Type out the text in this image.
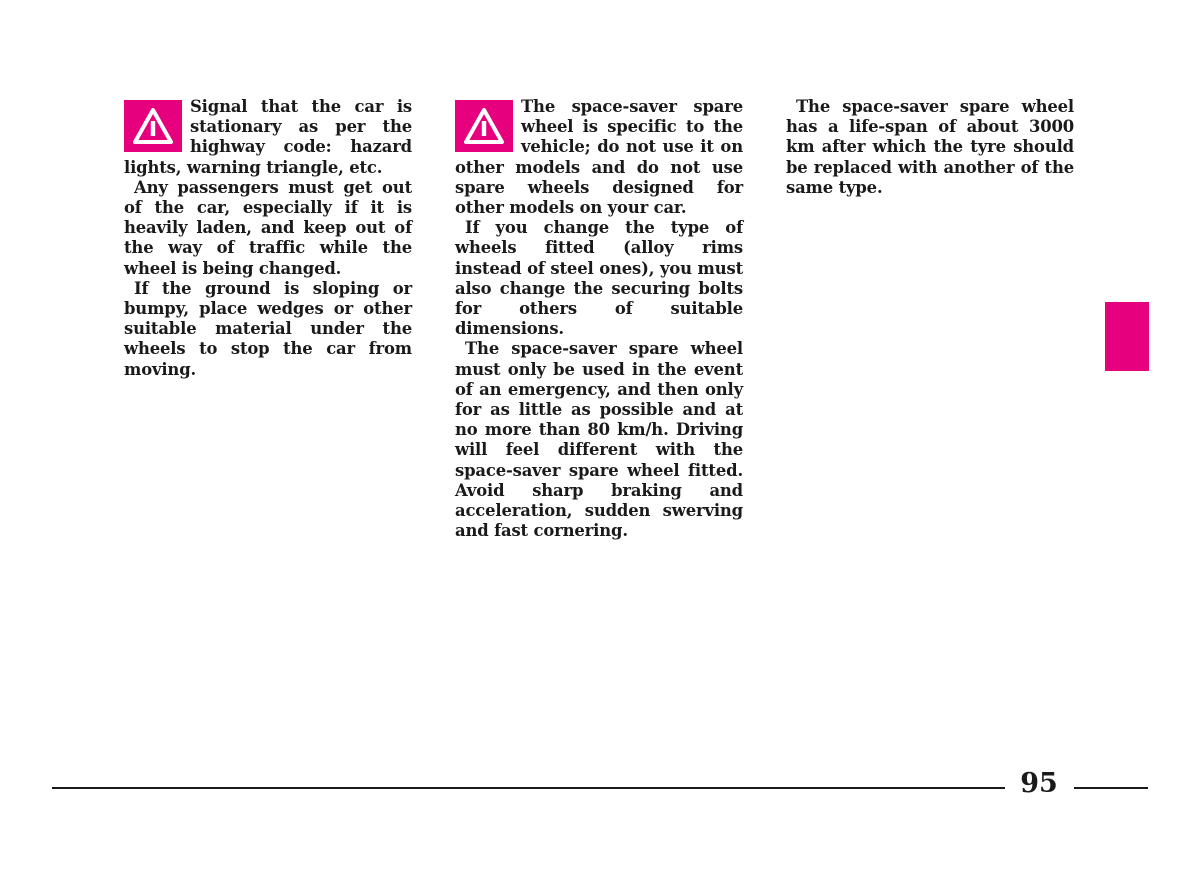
Signal that the car is stationary as per the highway code: hazard lights, warning triangle, etc.

Any passengers must get out of the car, especially if it is heavily laden, and keep out of the way of traffic while the wheel is being changed.

If the ground is sloping or bumpy, place wedges or other suitable material under the wheels to stop the car from moving.

The space-saver spare wheel is specific to the vehicle; do not use it on other models and do not use spare wheels designed for other models on your car.

If you change the type of wheels fitted (alloy rims instead of steel ones), you must also change the securing bolts for others of suitable dimensions.

The space-saver spare wheel must only be used in the event of an emergency, and then only for as little as possible and at no more than 80 km/h. Driving will feel different with the space-saver spare wheel fitted. Avoid sharp braking and acceleration, sudden swerving and fast cornering.

The space-saver spare wheel has a life-span of about 3000 km after which the tyre should be replaced with another of the same type.

95
